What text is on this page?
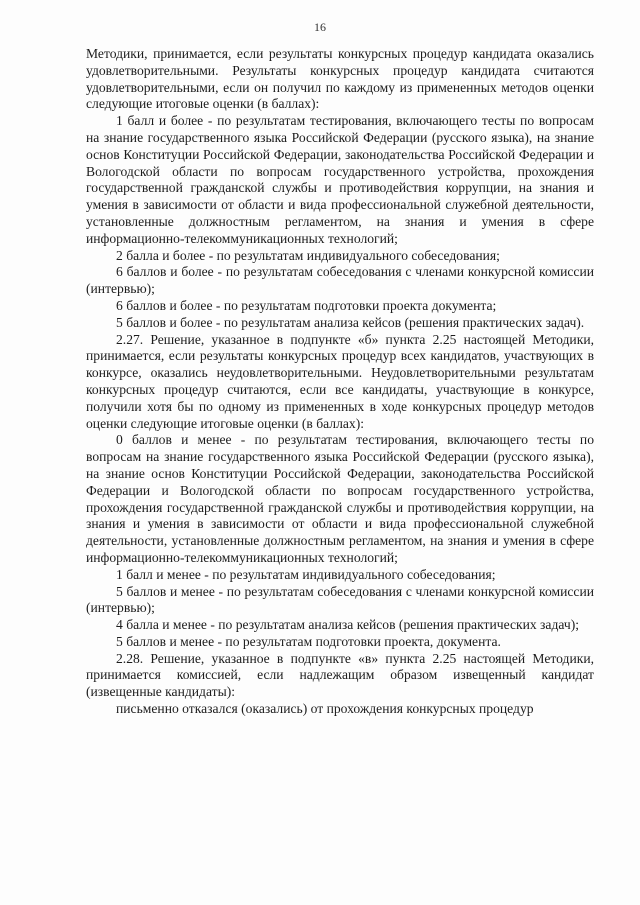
16

Методики, принимается, если результаты конкурсных процедур кандидата оказались удовлетворительными. Результаты конкурсных процедур кандидата считаются удовлетворительными, если он получил по каждому из примененных методов оценки следующие итоговые оценки (в баллах):

1 балл и более - по результатам тестирования, включающего тесты по вопросам на знание государственного языка Российской Федерации (русского языка), на знание основ Конституции Российской Федерации, законодательства Российской Федерации и Вологодской области по вопросам государственного устройства, прохождения государственной гражданской службы и противодействия коррупции, на знания и умения в зависимости от области и вида профессиональной служебной деятельности, установленные должностным регламентом, на знания и умения в сфере информационно-телекоммуникационных технологий;

2 балла и более - по результатам индивидуального собеседования;

6 баллов и более - по результатам собеседования с членами конкурсной комиссии (интервью);

6 баллов и более - по результатам подготовки проекта документа;

5 баллов и более - по результатам анализа кейсов (решения практических задач).

2.27. Решение, указанное в подпункте «б» пункта 2.25 настоящей Методики, принимается, если результаты конкурсных процедур всех кандидатов, участвующих в конкурсе, оказались неудовлетворительными. Неудовлетворительными результатам конкурсных процедур считаются, если все кандидаты, участвующие в конкурсе, получили хотя бы по одному из примененных в ходе конкурсных процедур методов оценки следующие итоговые оценки (в баллах):

0 баллов и менее - по результатам тестирования, включающего тесты по вопросам на знание государственного языка Российской Федерации (русского языка), на знание основ Конституции Российской Федерации, законодательства Российской Федерации и Вологодской области по вопросам государственного устройства, прохождения государственной гражданской службы и противодействия коррупции, на знания и умения в зависимости от области и вида профессиональной служебной деятельности, установленные должностным регламентом, на знания и умения в сфере информационно-телекоммуникационных технологий;

1 балл и менее - по результатам индивидуального собеседования;

5 баллов и менее - по результатам собеседования с членами конкурсной комиссии (интервью);

4 балла и менее - по результатам анализа кейсов (решения практических задач);

5 баллов и менее - по результатам подготовки проекта, документа.

2.28. Решение, указанное в подпункте «в» пункта 2.25 настоящей Методики, принимается комиссией, если надлежащим образом извещенный кандидат (извещенные кандидаты):

письменно отказался (оказались) от прохождения конкурсных процедур
